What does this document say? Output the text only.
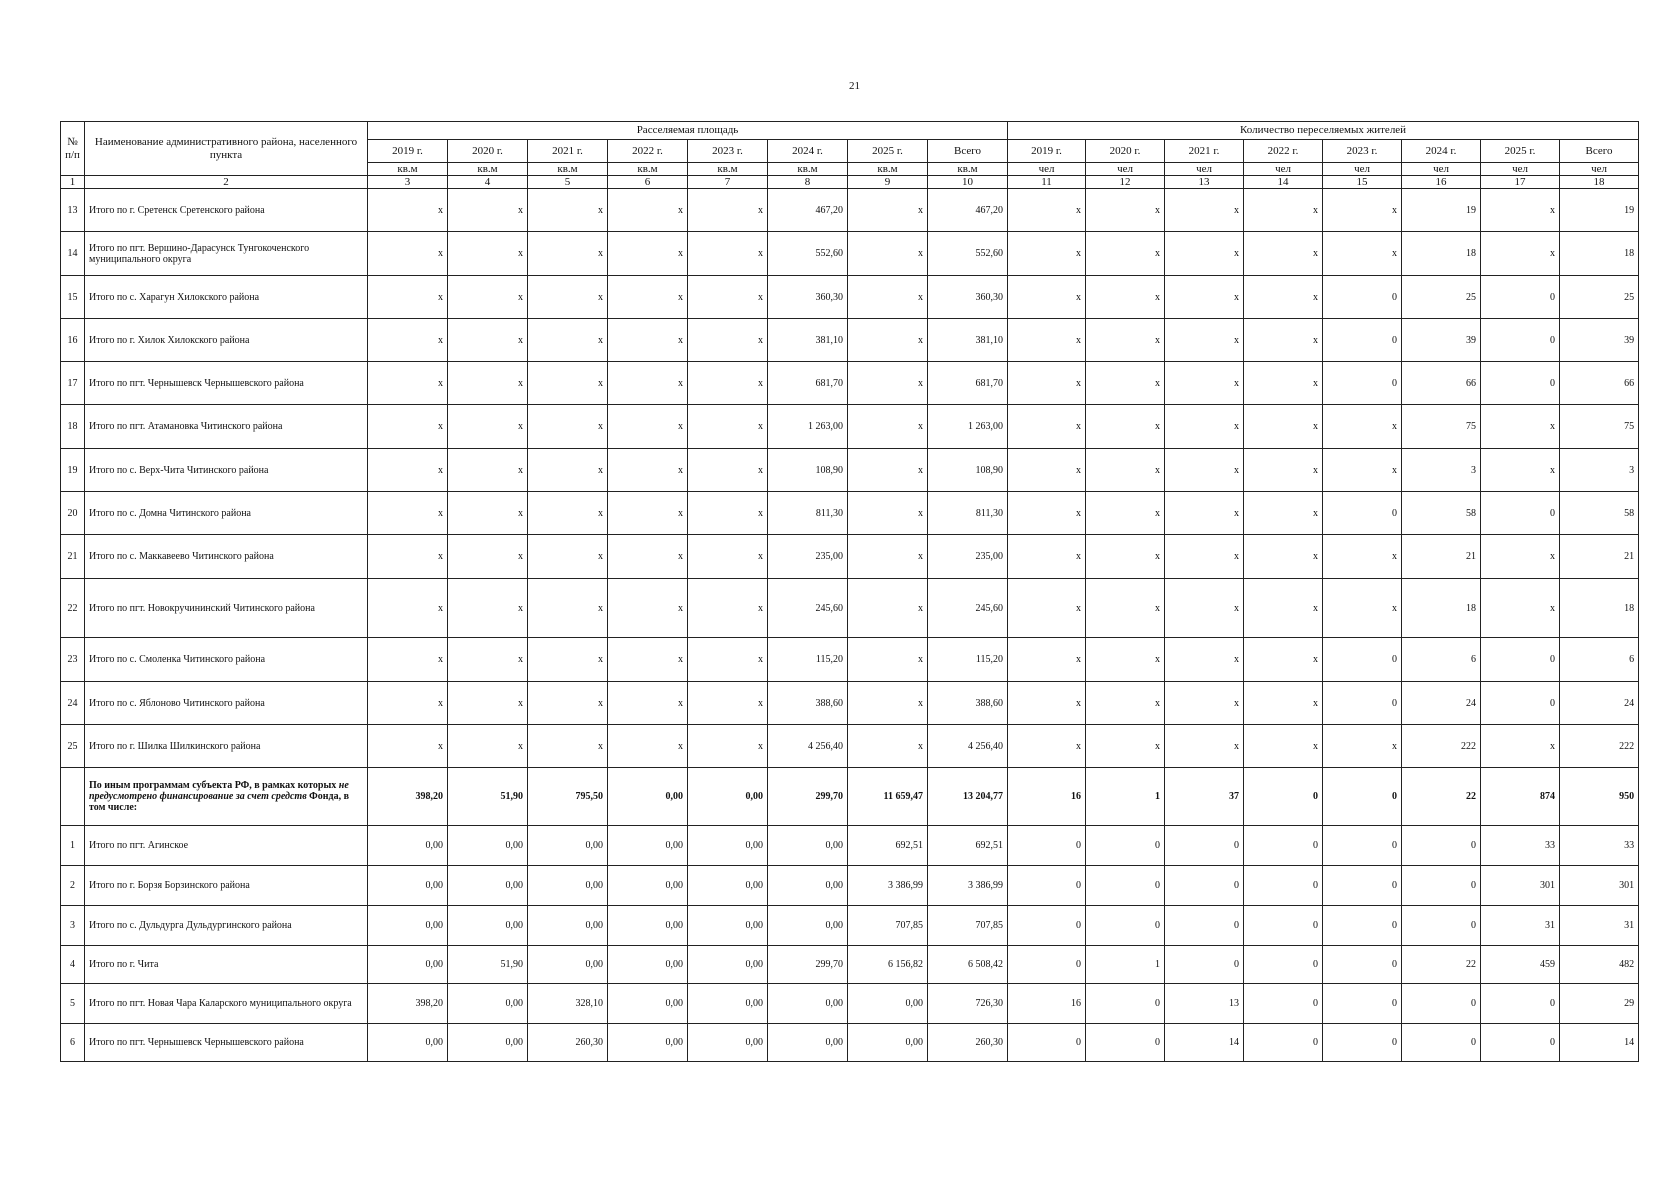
21
№ п/п	Наименование административного района, населенного пункта	Расселяемая площадь								Количество переселяемых жителей							
		2019 г.	2020 г.	2021 г.	2022 г.	2023 г.	2024 г.	2025 г.	Всего	2019 г.	2020 г.	2021 г.	2022 г.	2023 г.	2024 г.	2025 г.	Всего
		кв.м	кв.м	кв.м	кв.м	кв.м	кв.м	кв.м	кв.м	чел	чел	чел	чел	чел	чел	чел	чел
1	2	3	4	5	6	7	8	9	10	11	12	13	14	15	16	17	18
13	Итого по г. Сретенск Сретенского района	x	x	x	x	x	467,20	x	467,20	x	x	x	x	x	19	x	19
14	Итого по пгт. Вершино-Дарасунск Тунгокоченского муниципального округа	x	x	x	x	x	552,60	x	552,60	x	x	x	x	x	18	x	18
15	Итого по с. Харагун Хилокского района	x	x	x	x	x	360,30	x	360,30	x	x	x	x	0	25	0	25
16	Итого по г. Хилок Хилокского района	x	x	x	x	x	381,10	x	381,10	x	x	x	x	0	39	0	39
17	Итого по пгт. Чернышевск Чернышевского района	x	x	x	x	x	681,70	x	681,70	x	x	x	x	0	66	0	66
18	Итого по пгт. Атамановка Читинского района	x	x	x	x	x	1 263,00	x	1 263,00	x	x	x	x	x	75	x	75
19	Итого по с. Верх-Чита Читинского района	x	x	x	x	x	108,90	x	108,90	x	x	x	x	x	3	x	3
20	Итого по с. Домна Читинского района	x	x	x	x	x	811,30	x	811,30	x	x	x	x	0	58	0	58
21	Итого по с. Маккавеево Читинского района	x	x	x	x	x	235,00	x	235,00	x	x	x	x	x	21	x	21
22	Итого по пгт. Новокручининский Читинского района	x	x	x	x	x	245,60	x	245,60	x	x	x	x	x	18	x	18
23	Итого по с. Смоленка Читинского района	x	x	x	x	x	115,20	x	115,20	x	x	x	x	0	6	0	6
24	Итого по с. Яблоново Читинского района	x	x	x	x	x	388,60	x	388,60	x	x	x	x	0	24	0	24
25	Итого по г. Шилка Шилкинского района	x	x	x	x	x	4 256,40	x	4 256,40	x	x	x	x	x	222	x	222
	По иным программам субъекта РФ, в рамках которых не предусмотрено финансирование за счет средств Фонда, в том числе:	398,20	51,90	795,50	0,00	0,00	299,70	11 659,47	13 204,77	16	1	37	0	0	22	874	950
1	Итого по пгт. Агинское	0,00	0,00	0,00	0,00	0,00	0,00	692,51	692,51	0	0	0	0	0	0	33	33
2	Итого по г. Борзя Борзинского района	0,00	0,00	0,00	0,00	0,00	0,00	3 386,99	3 386,99	0	0	0	0	0	0	301	301
3	Итого по с. Дульдурга Дульдургинского района	0,00	0,00	0,00	0,00	0,00	0,00	707,85	707,85	0	0	0	0	0	0	31	31
4	Итого по г. Чита	0,00	51,90	0,00	0,00	0,00	299,70	6 156,82	6 508,42	0	1	0	0	0	22	459	482
5	Итого по пгт. Новая Чара Каларского муниципального округа	398,20	0,00	328,10	0,00	0,00	0,00	0,00	726,30	16	0	13	0	0	0	0	29
6	Итого по пгт. Чернышевск Чернышевского района	0,00	0,00	260,30	0,00	0,00	0,00	0,00	260,30	0	0	14	0	0	0	0	14
